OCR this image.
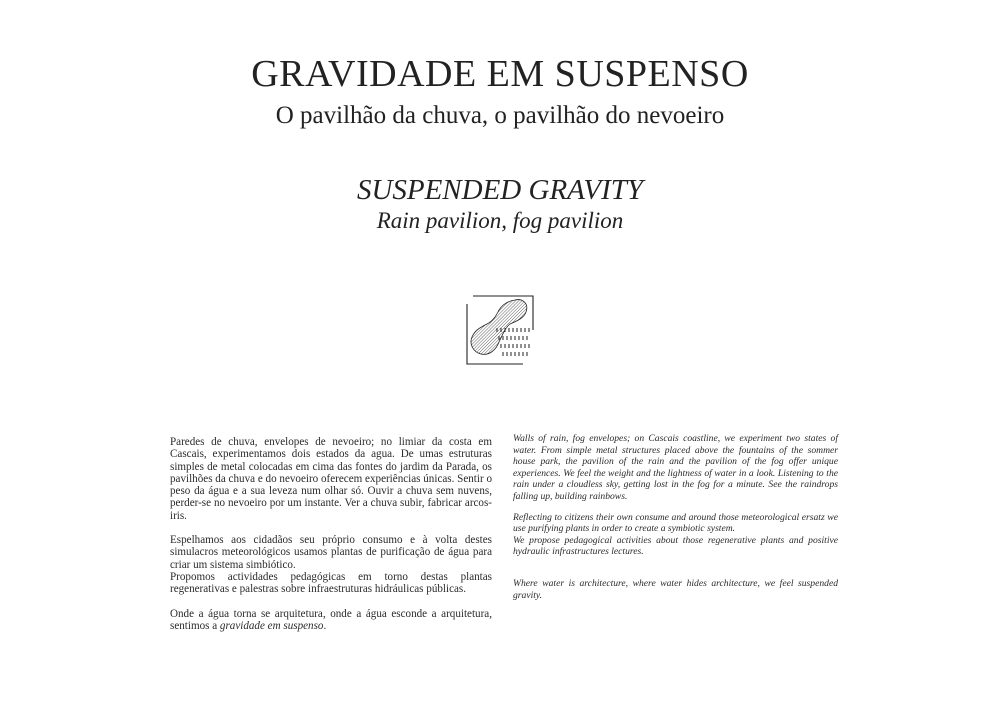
GRAVIDADE EM SUSPENSO
O pavilhão da chuva, o pavilhão do nevoeiro
SUSPENDED GRAVITY
Rain pavilion, fog pavilion

Paredes de chuva, envelopes de nevoeiro; no limiar da costa em Cascais, experimentamos dois estados da agua. De umas estruturas simples de metal colocadas em cima das fontes do jardim da Parada, os pavilhões da chuva e do nevoeiro oferecem experiências únicas. Sentir o peso da água e a sua leveza num olhar só. Ouvir a chuva sem nuvens, perder-se no nevoeiro por um instante. Ver a chuva subir, fabricar arcos-iris.

Espelhamos aos cidadãos seu próprio consumo e à volta destes simulacros meteorológicos usamos plantas de purificação de água para criar um sistema simbiótico.

Propomos actividades pedagógicas em torno destas plantas regenerativas e palestras sobre infraestruturas hidráulicas públicas.

Onde a água torna se arquitetura, onde a água esconde a arquitetura, sentimos a gravidade em suspenso.

Walls of rain, fog envelopes; on Cascais coastline, we experiment two states of water. From simple metal structures placed above the fountains of the sommer house park, the pavilion of the rain and the pavilion of the fog offer unique experiences. We feel the weight and the lightness of water in a look. Listening to the rain under a cloudless sky, getting lost in the fog for a minute. See the raindrops falling up, building rainbows.

Reflecting to citizens their own consume and around those meteorological ersatz we use purifying plants in order to create a symbiotic system.

We propose pedagogical activities about those regenerative plants and positive hydraulic infrastructures lectures.

Where water is architecture, where water hides architecture, we feel suspended gravity.
